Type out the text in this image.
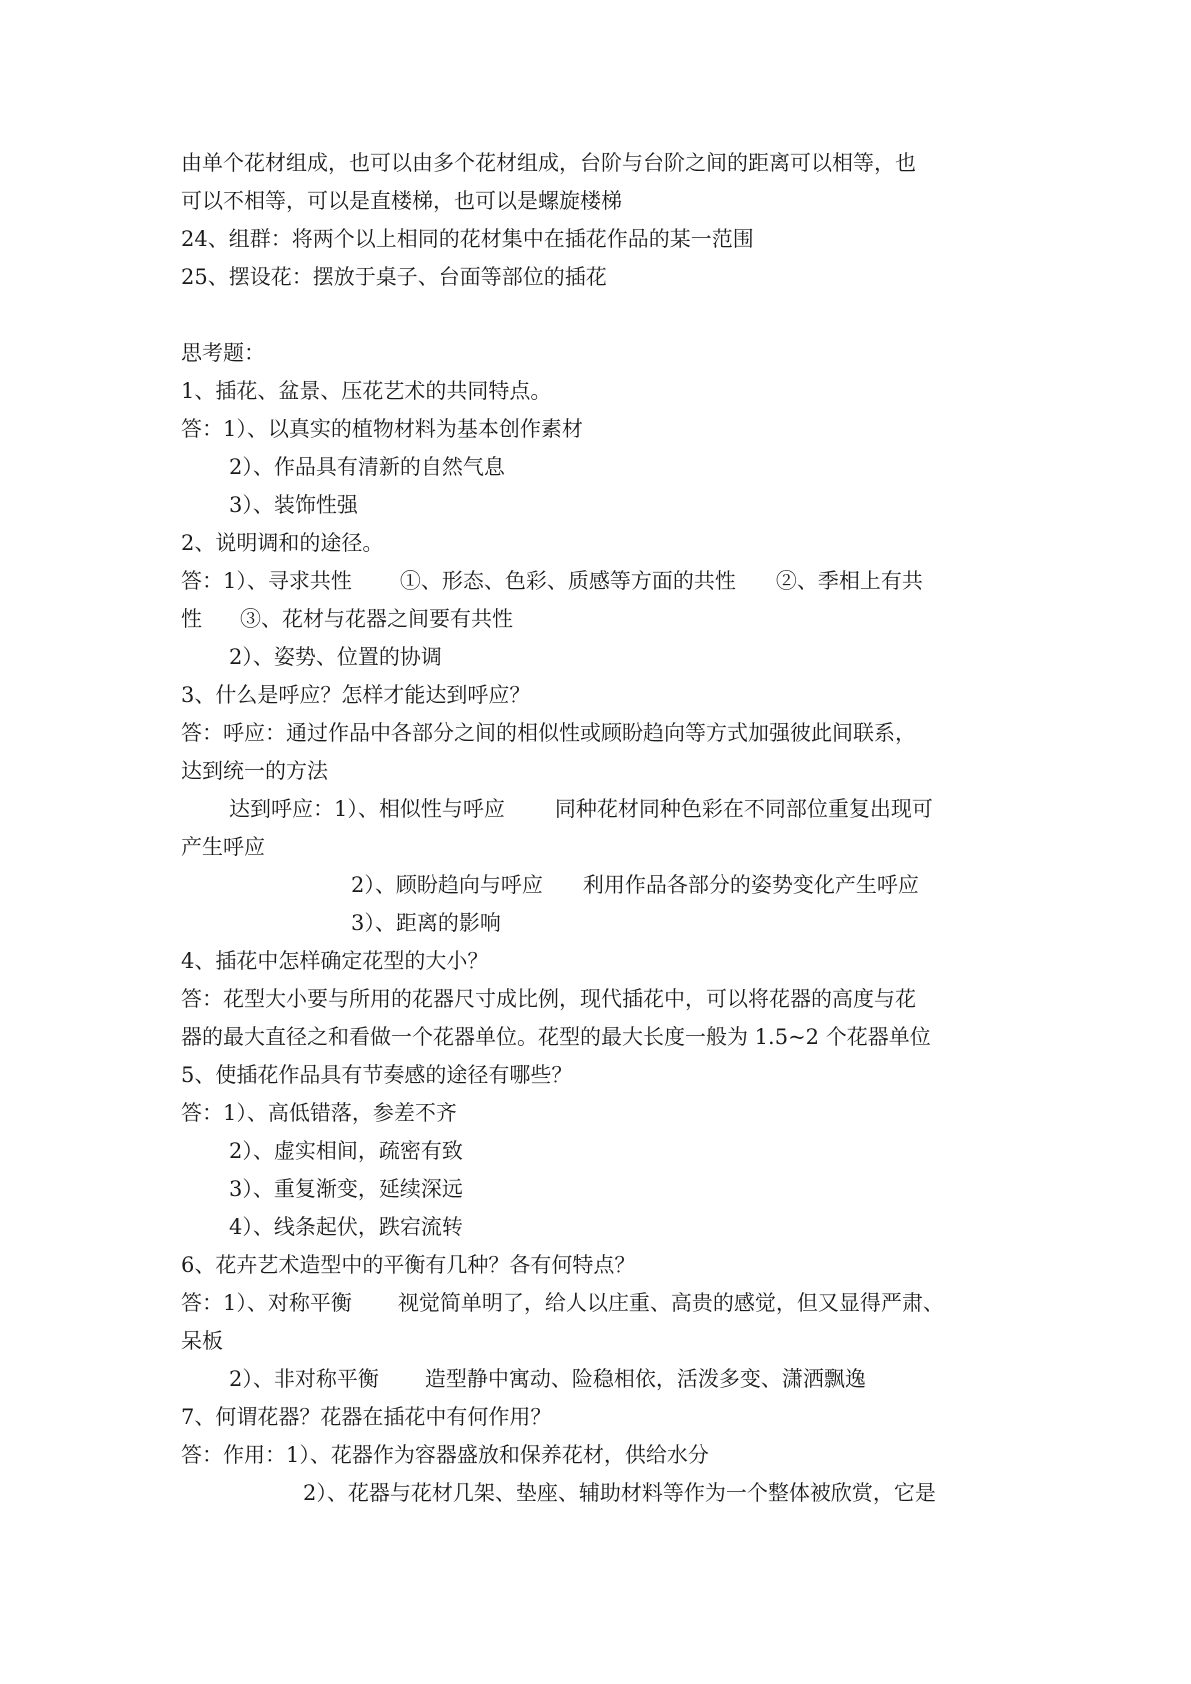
由单个花材组成，也可以由多个花材组成，台阶与台阶之间的距离可以相等，也
可以不相等，可以是直楼梯，也可以是螺旋楼梯
24、组群：将两个以上相同的花材集中在插花作品的某一范围
25、摆设花：摆放于桌子、台面等部位的插花
思考题：
1、插花、盆景、压花艺术的共同特点。
答：1）、以真实的植物材料为基本创作素材
2）、作品具有清新的自然气息
3）、装饰性强
2、说明调和的途径。
答：1）、寻求共性 ①、形态、色彩、质感等方面的共性 ②、季相上有共
性 ③、花材与花器之间要有共性
2）、姿势、位置的协调
3、什么是呼应？怎样才能达到呼应？
答：呼应：通过作品中各部分之间的相似性或顾盼趋向等方式加强彼此间联系，
达到统一的方法
达到呼应：1）、相似性与呼应 同种花材同种色彩在不同部位重复出现可
产生呼应
2）、顾盼趋向与呼应 利用作品各部分的姿势变化产生呼应
3）、距离的影响
4、插花中怎样确定花型的大小？
答：花型大小要与所用的花器尺寸成比例，现代插花中，可以将花器的高度与花
器的最大直径之和看做一个花器单位。花型的最大长度一般为 1.5~2 个花器单位
5、使插花作品具有节奏感的途径有哪些？
答：1）、高低错落，参差不齐
2）、虚实相间，疏密有致
3）、重复渐变，延续深远
4）、线条起伏，跌宕流转
6、花卉艺术造型中的平衡有几种？各有何特点？
答：1）、对称平衡 视觉简单明了，给人以庄重、高贵的感觉，但又显得严肃、
呆板
2）、非对称平衡 造型静中寓动、险稳相依，活泼多变、潇洒飘逸
7、何谓花器？花器在插花中有何作用？
答：作用：1）、花器作为容器盛放和保养花材，供给水分
2）、花器与花材几架、垫座、辅助材料等作为一个整体被欣赏，它是
